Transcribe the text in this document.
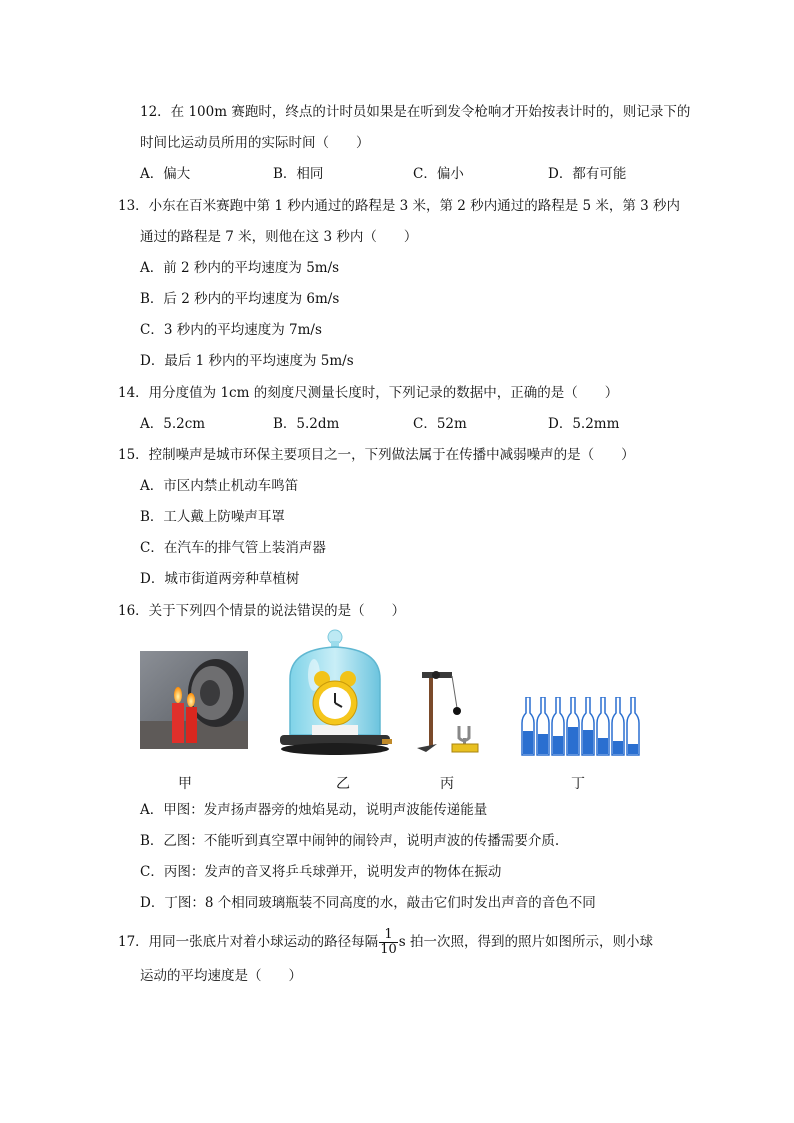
12．在 100m 赛跑时，终点的计时员如果是在听到发令枪响才开始按表计时的，则记录下的
时间比运动员所用的实际时间（　　）
A．偏大	B．相同	C．偏小	D．都有可能
13．小东在百米赛跑中第 1 秒内通过的路程是 3 米，第 2 秒内通过的路程是 5 米，第 3 秒内
通过的路程是 7 米，则他在这 3 秒内（　　）
A．前 2 秒内的平均速度为 5m/s
B．后 2 秒内的平均速度为 6m/s
C．3 秒内的平均速度为 7m/s
D．最后 1 秒内的平均速度为 5m/s
14．用分度值为 1cm 的刻度尺测量长度时，下列记录的数据中，正确的是（　　）
A．5.2cm	B．5.2dm	C．52m	D．5.2mm
15．控制噪声是城市环保主要项目之一，下列做法属于在传播中减弱噪声的是（　　）
A．市区内禁止机动车鸣笛
B．工人戴上防噪声耳罩
C．在汽车的排气管上装消声器
D．城市街道两旁种草植树
16．关于下列四个情景的说法错误的是（　　）
甲	乙	丙	丁
A．甲图：发声扬声器旁的烛焰晃动，说明声波能传递能量
B．乙图：不能听到真空罩中闹钟的闹铃声，说明声波的传播需要介质.
C．丙图：发声的音叉将乒乓球弹开，说明发声的物体在振动
D．丁图：8 个相同玻璃瓶装不同高度的水，敲击它们时发出声音的音色不同
17．用同一张底片对着小球运动的路径每隔 $\frac{1}{10}$ s 拍一次照，得到的照片如图所示，则小球
运动的平均速度是（　　）
